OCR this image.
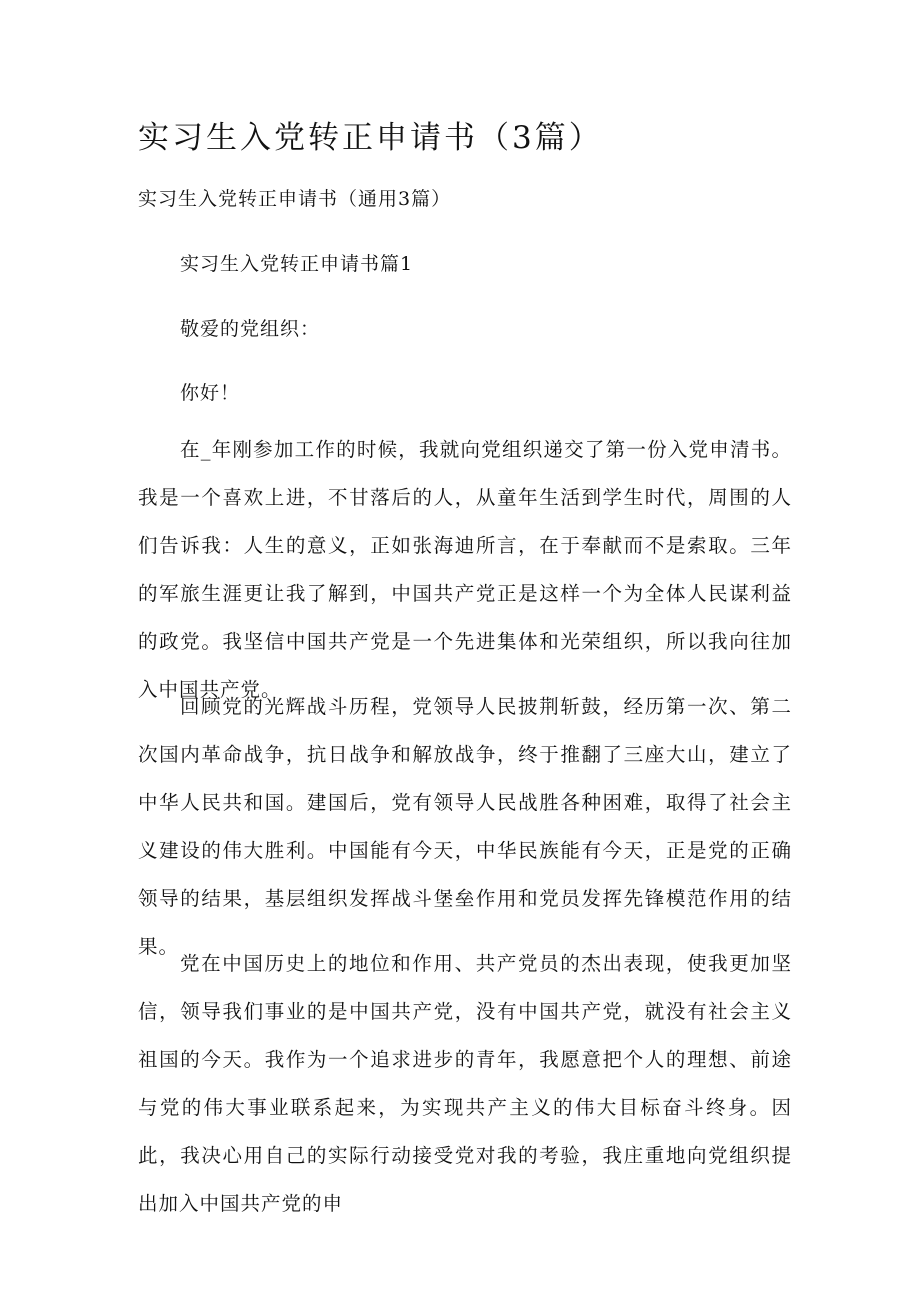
实习生入党转正申请书（3篇）
实习生入党转正申请书（通用3篇）
实习生入党转正申请书篇1
敬爱的党组织：
你好！

在_年刚参加工作的时候，我就向党组织递交了第一份入党申清书。我是一个喜欢上进，不甘落后的人，从童年生活到学生时代，周围的人们告诉我：人生的意义，正如张海迪所言，在于奉献而不是索取。三年的军旅生涯更让我了解到，中国共产党正是这样一个为全体人民谋利益的政党。我坚信中国共产党是一个先进集体和光荣组织，所以我向往加入中国共产党。

回顾党的光辉战斗历程，党领导人民披荆斩鼓，经历第一次、第二次国内革命战争，抗日战争和解放战争，终于推翻了三座大山，建立了中华人民共和国。建国后，党有领导人民战胜各种困难，取得了社会主义建设的伟大胜利。中国能有今天，中华民族能有今天，正是党的正确领导的结果，基层组织发挥战斗堡垒作用和党员发挥先锋模范作用的结果。

党在中国历史上的地位和作用、共产党员的杰出表现，使我更加坚信，领导我们事业的是中国共产党，没有中国共产党，就没有社会主义祖国的今天。我作为一个追求进步的青年，我愿意把个人的理想、前途与党的伟大事业联系起来，为实现共产主义的伟大目标奋斗终身。因此，我决心用自己的实际行动接受党对我的考验，我庄重地向党组织提出加入中国共产党的申
